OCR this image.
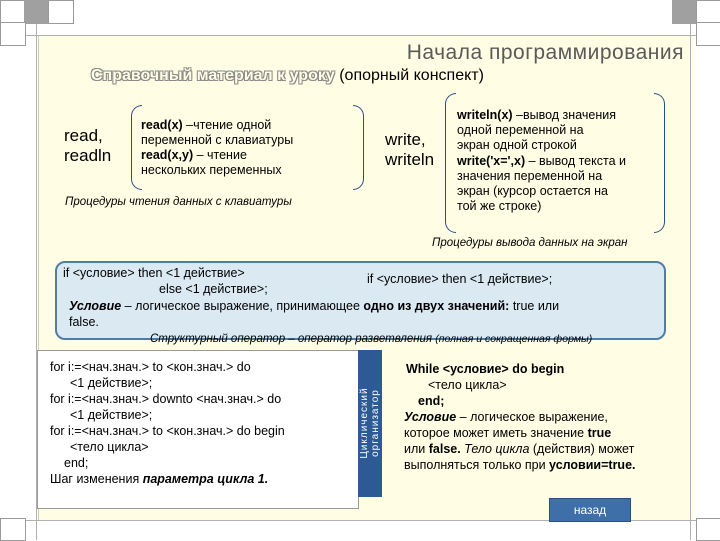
Начала программирования
Справочный материал к уроку (опорный конспект)
read,
readln
read(x) –чтение одной
переменной с клавиатуры
read(x,y) – чтение
нескольких переменных
Процедуры чтения данных с клавиатуры
write,
writeln
writeln(x) –вывод значения
одной переменной на
экран одной строкой
write('x=',x) – вывод текста и
значения переменной на
экран (курсор остается на
той же строке)
Процедуры вывода данных на экран
if <условие> then <1 действие>	if <условие> then <1 действие>;
else <1 действие>;
Условие – логическое выражение, принимающее одно из двух значений: true или
false.
Структурный оператор – оператор разветвления (полная и сокращенная формы)
for i:=<нач.знач.> to <кон.знач.> do
<1 действие>;
for i:=<нач.знач.> downto <нач.знач.> do
<1 действие>;
for i:=<нач.знач.> to <кон.знач.> do begin
<тело цикла>
end;
Шаг изменения параметра цикла 1.
Циклический организатор
While <условие> do begin
<тело цикла>
end;
Условие – логическое выражение,
которое может иметь значение true
или false. Тело цикла (действия) может
выполняться только при условии=true.
назад
